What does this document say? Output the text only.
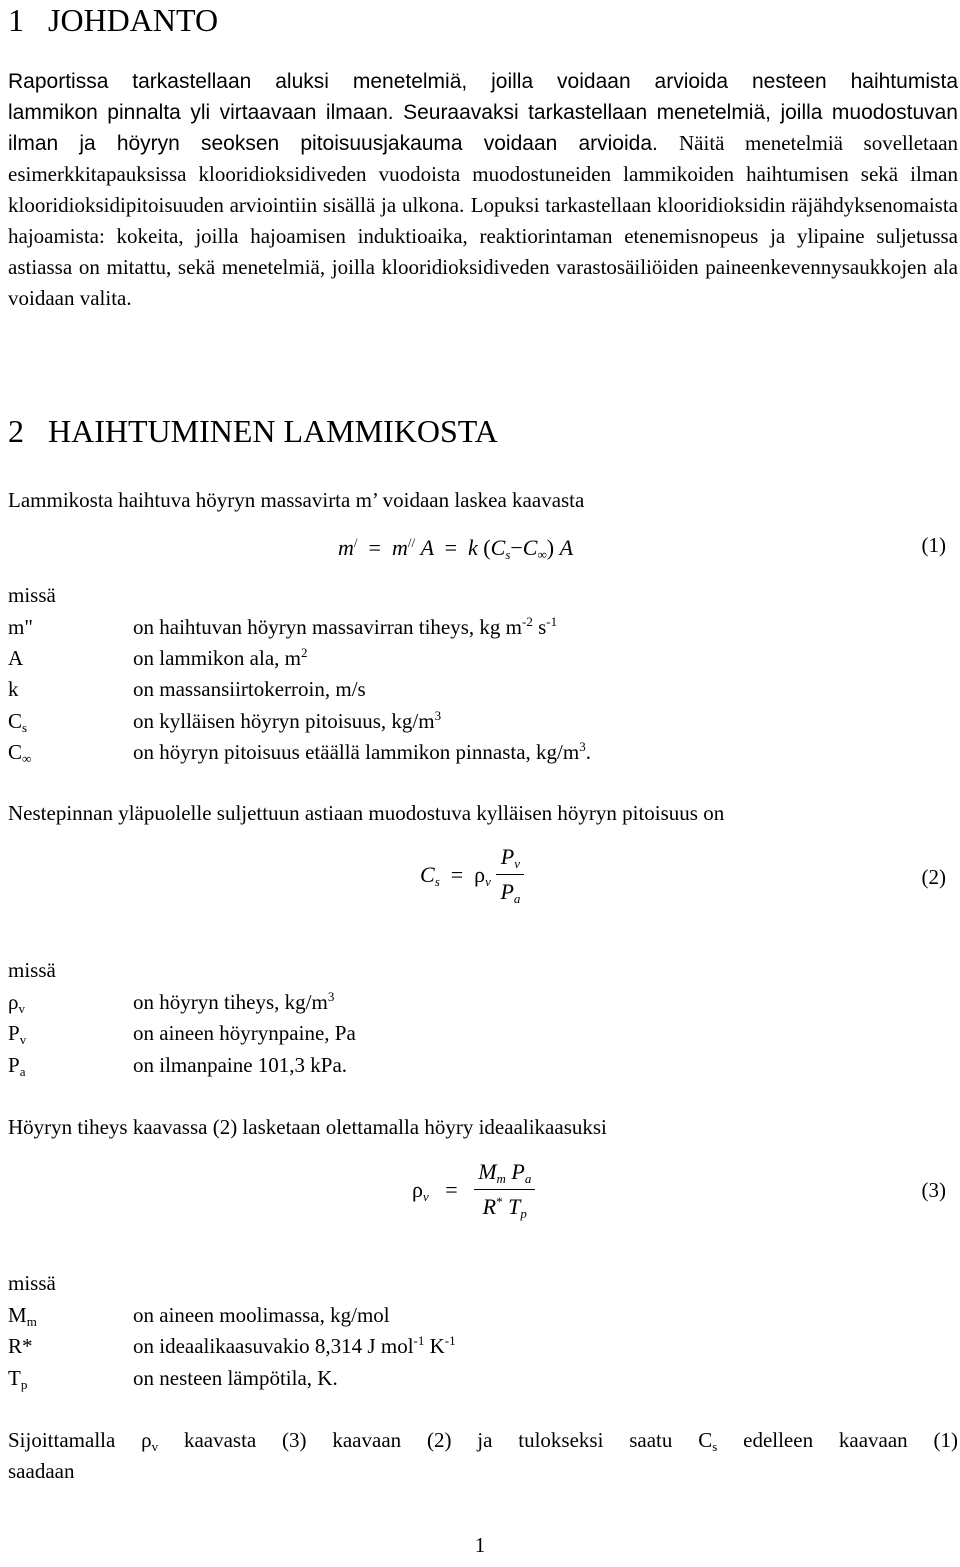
1 JOHDANTO

Raportissa tarkastellaan aluksi menetelmiä, joilla voidaan arvioida nesteen haihtumista

lammikon pinnalta yli virtaavaan ilmaan. Seuraavaksi tarkastellaan menetelmiä, joilla muodostuvan ilman ja höyryn seoksen pitoisuusjakauma voidaan arvioida. Näitä menetelmiä sovelletaan esimerkkitapauksissa klooridioksidiveden vuodoista muodostuneiden lammikoiden haihtumisen sekä ilman klooridioksidipitoisuuden arviointiin sisällä ja ulkona. Lopuksi tarkastellaan klooridioksidin räjähdyksenomaista hajoamista: kokeita, joilla hajoamisen induktioaika, reaktiorintaman etenemisnopeus ja ylipaine suljetussa astiassa on mitattu, sekä menetelmiä, joilla klooridioksidiveden varastosäiliöiden paineenkevennysaukkojen ala voidaan valita.

2 HAIHTUMINEN LAMMIKOSTA
Lammikosta haihtuva höyryn massavirta m’ voidaan laskea kaavasta
m/ = m// A = k $(C_s-C_\infty)$ A	(1)
missä
m"	on haihtuvan höyryn massavirran tiheys, kg $m^{-2}$ $s^{-1}$
A	on lammikon ala, $m^2$
k	on massansiirtokerroin, m/s
$C_s$	on kylläisen höyryn pitoisuus, $kg/m^3$
$C_\infty$	on höyryn pitoisuus etäällä lammikon pinnasta, $kg/m^3$.
Nestepinnan yläpuolelle suljettuun astiaan muodostuva kylläisen höyryn pitoisuus on
$C_s = \rho_v \frac{P_v}{P_a}$	(2)
missä
$\rho_v$	on höyryn tiheys, $kg/m^3$
$P_v$	on aineen höyrynpaine, Pa
$P_a$	on ilmanpaine 101,3 kPa.
Höyryn tiheys kaavassa (2) lasketaan olettamalla höyry ideaalikaasuksi
$\rho_v = \frac{M_m P_a}{R^* T_p}$	(3)
missä
$M_m$	on aineen moolimassa, kg/mol
R*	on ideaalikaasuvakio 8,314 J mol$^{-1}$ $K^{-1}$
$T_p$	on nesteen lämpötila, K.

Sijoittamalla $\rho_v$ kaavasta (3) kaavaan (2) ja tulokseksi saatu $C_s$ edelleen kaavaan (1)

saadaan

1
